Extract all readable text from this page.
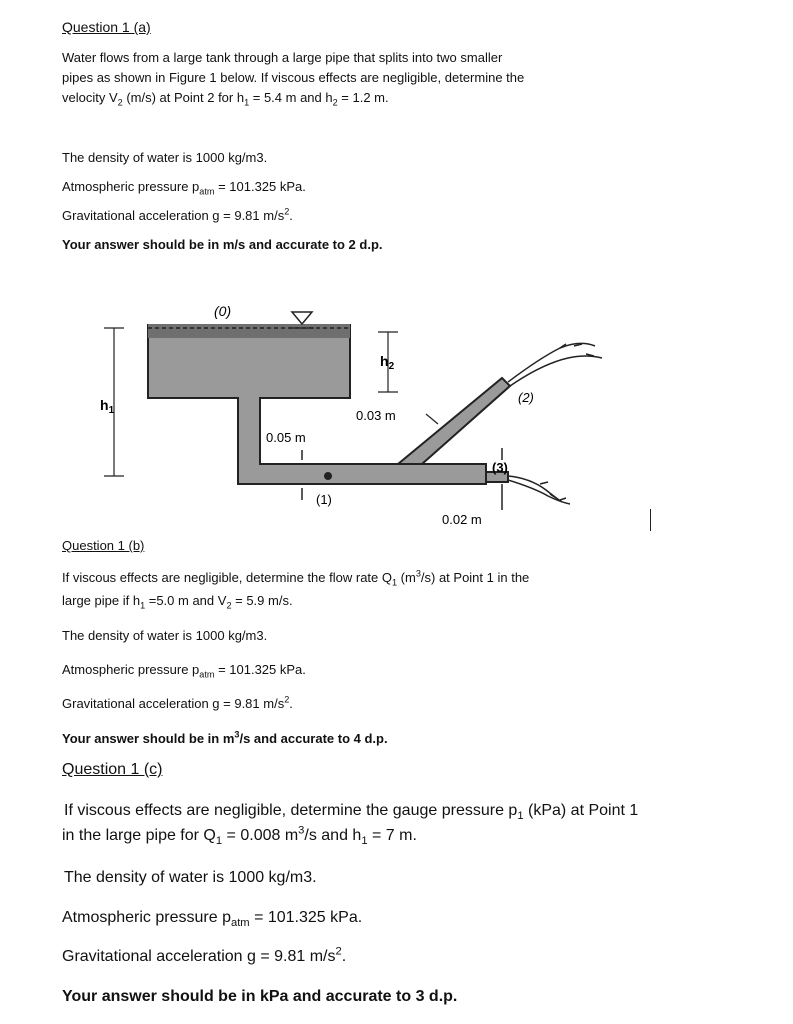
Question 1 (a)
Water flows from a large tank through a large pipe that splits into two smaller
pipes as shown in Figure 1 below. If viscous effects are negligible, determine the
velocity $V_2$ (m/s) at Point 2 for $h_1 = 5.4$ m and $h_2 = 1.2$ m.
The density of water is 1000 kg/m3.
Atmospheric pressure $p_{atm} = 101.325$ kPa.
Gravitational acceleration g = 9.81 $m/s^2$.
Your answer should be in m/s and accurate to 2 d.p.
(0)
$h_1$
$h_2$
0.03 m
0.05 m
(1)
(2)
(3)
0.02 m
Question 1 (b)
If viscous effects are negligible, determine the flow rate $Q_1$ $(m^3/s)$ at Point 1 in the
large pipe if $h_1 =5.0$ m and $V_2 = 5.9$ m/s.
The density of water is 1000 kg/m3.
Atmospheric pressure $p_{atm} = 101.325$ kPa.
Gravitational acceleration g = 9.81 $m/s^2$.
Your answer should be in $m^3/s$ and accurate to 4 d.p.
Question 1 (c)
If viscous effects are negligible, determine the gauge pressure $p_1$ (kPa) at Point 1
in the large pipe for $Q_1 = 0.008$ $m^3/s$ and $h_1 = 7$ m.
The density of water is 1000 kg/m3.
Atmospheric pressure $p_{atm} = 101.325$ kPa.
Gravitational acceleration g = 9.81 $m/s^2$.
Your answer should be in kPa and accurate to 3 d.p.
